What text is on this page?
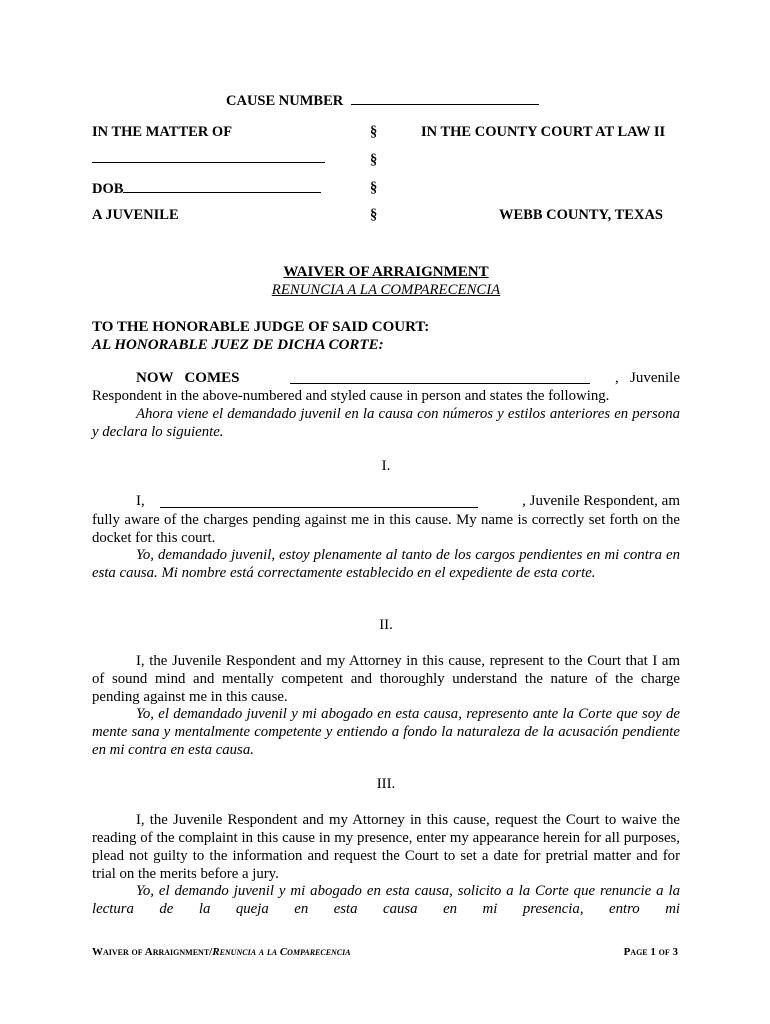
CAUSE NUMBER
IN THE MATTER OF	§	IN THE COUNTY COURT AT LAW II
§
DOB	§
A JUVENILE	§	WEBB COUNTY, TEXAS
WAIVER OF ARRAIGNMENT
RENUNCIA A LA COMPARECENCIA
TO THE HONORABLE JUDGE OF SAID COURT:
AL HONORABLE JUEZ DE DICHA CORTE:
NOW   COMES	,   Juvenile
Respondent in the above-numbered and styled cause in person and states the following.
Ahora viene el demandado juvenil en la causa con números y estilos anteriores en persona y declara lo siguiente.
I.
I,	, Juvenile Respondent, am
fully aware of the charges pending against me in this cause. My name is correctly set forth on the docket for this court.
Yo, demandado juvenil, estoy plenamente al tanto de los cargos pendientes en mi contra en esta causa. Mi nombre está correctamente establecido en el expediente de esta corte.
II.
I, the Juvenile Respondent and my Attorney in this cause, represent to the Court that I am of sound mind and mentally competent and thoroughly understand the nature of the charge pending against me in this cause.
Yo, el demandado juvenil y mi abogado en esta causa, represento ante la Corte que soy de mente sana y mentalmente competente y entiendo a fondo la naturaleza de la acusación pendiente en mi contra en esta causa.
III.
I, the Juvenile Respondent and my Attorney in this cause, request the Court to waive the reading of the complaint in this cause in my presence, enter my appearance herein for all purposes, plead not guilty to the information and request the Court to set a date for pretrial matter and for trial on the merits before a jury.
Yo, el demando juvenil y mi abogado en esta causa, solicito a la Corte que renuncie a la lectura de la queja en esta causa en mi presencia, entro mi
Waiver of Arraignment/Renuncia a la Comparecencia	Page 1 of 3
